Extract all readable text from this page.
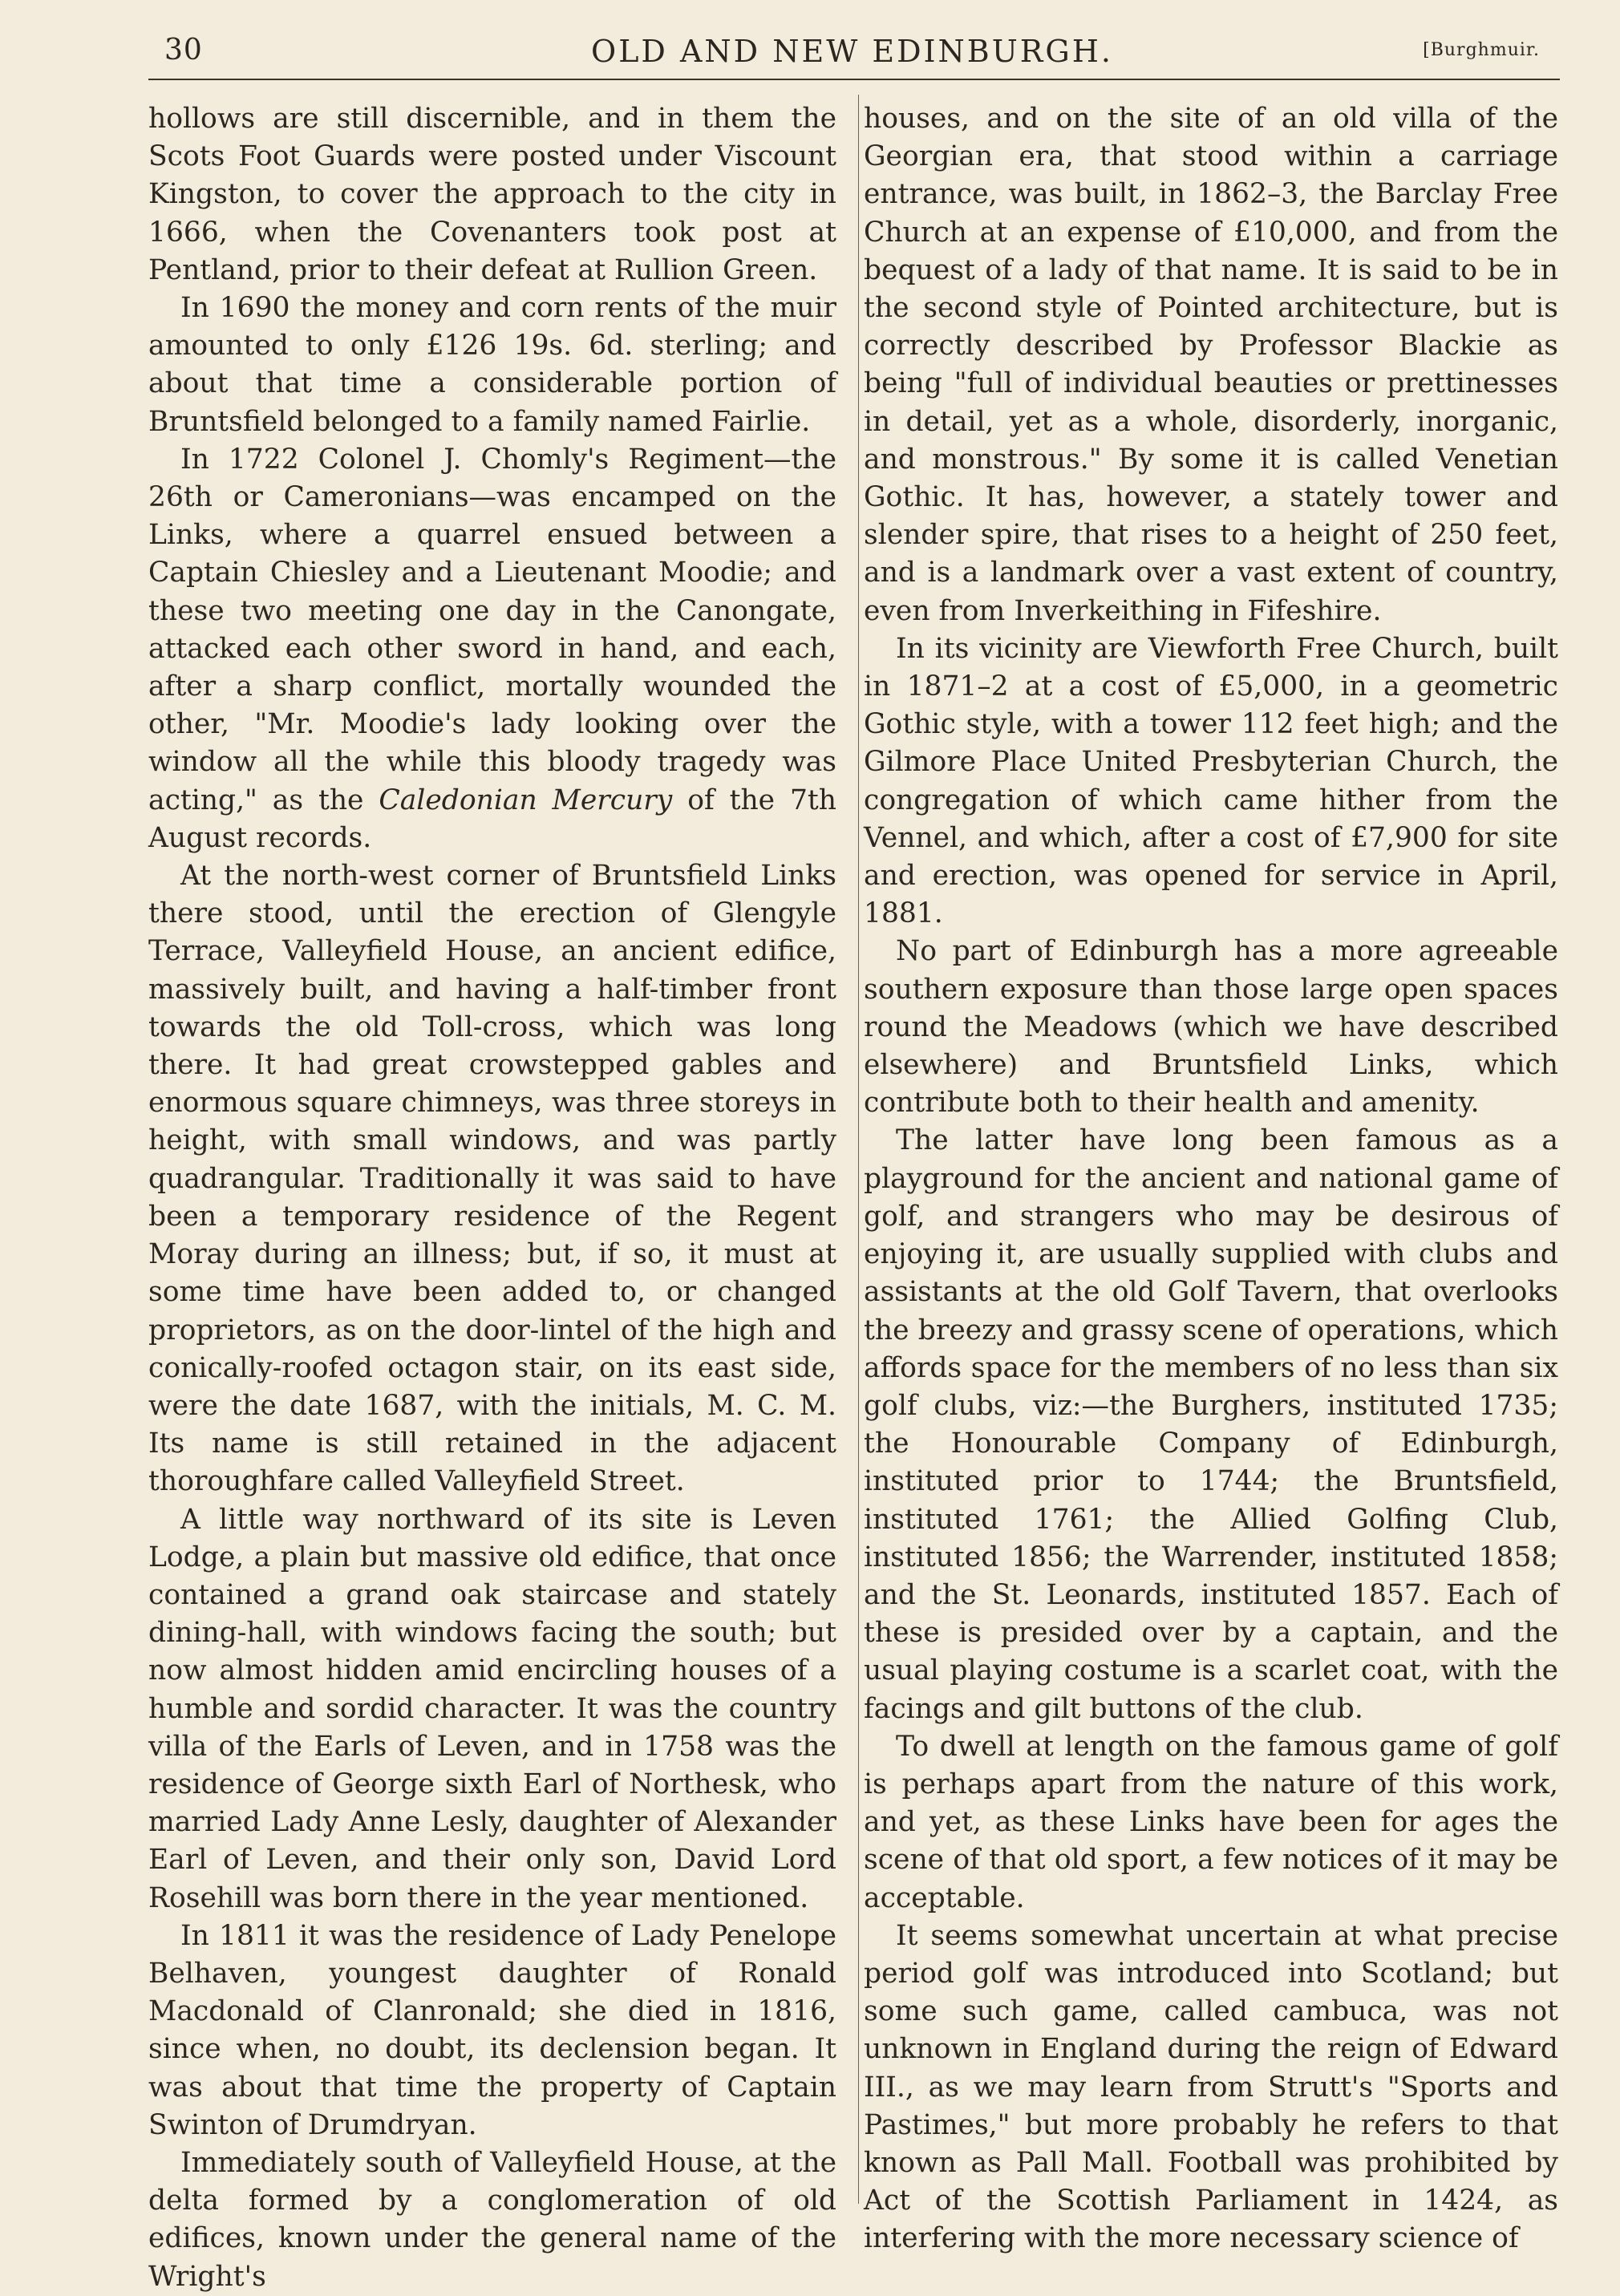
30	OLD AND NEW EDINBURGH.	[Burghmuir.

hollows are still discernible, and in them the Scots Foot Guards were posted under Viscount Kingston, to cover the approach to the city in 1666, when the Covenanters took post at Pentland, prior to their defeat at Rullion Green.

In 1690 the money and corn rents of the muir amounted to only £126 19s. 6d. sterling; and about that time a considerable portion of Bruntsfield belonged to a family named Fairlie.

In 1722 Colonel J. Chomly's Regiment—the 26th or Cameronians—was encamped on the Links, where a quarrel ensued between a Captain Chiesley and a Lieutenant Moodie; and these two meeting one day in the Canongate, attacked each other sword in hand, and each, after a sharp conflict, mortally wounded the other, "Mr. Moodie's lady looking over the window all the while this bloody tragedy was acting," as the Caledonian Mercury of the 7th August records.

At the north-west corner of Bruntsfield Links there stood, until the erection of Glengyle Terrace, Valleyfield House, an ancient edifice, massively built, and having a half-timber front towards the old Toll-cross, which was long there. It had great crowstepped gables and enormous square chimneys, was three storeys in height, with small windows, and was partly quadrangular. Traditionally it was said to have been a temporary residence of the Regent Moray during an illness; but, if so, it must at some time have been added to, or changed proprietors, as on the door-lintel of the high and conically-roofed octagon stair, on its east side, were the date 1687, with the initials, M. C. M. Its name is still retained in the adjacent thoroughfare called Valleyfield Street.

A little way northward of its site is Leven Lodge, a plain but massive old edifice, that once contained a grand oak staircase and stately dining-hall, with windows facing the south; but now almost hidden amid encircling houses of a humble and sordid character. It was the country villa of the Earls of Leven, and in 1758 was the residence of George sixth Earl of Northesk, who married Lady Anne Lesly, daughter of Alexander Earl of Leven, and their only son, David Lord Rosehill was born there in the year mentioned.

In 1811 it was the residence of Lady Penelope Belhaven, youngest daughter of Ronald Macdonald of Clanronald; she died in 1816, since when, no doubt, its declension began. It was about that time the property of Captain Swinton of Drumdryan.

Immediately south of Valleyfield House, at the delta formed by a conglomeration of old edifices, known under the general name of the Wright's

houses, and on the site of an old villa of the Georgian era, that stood within a carriage entrance, was built, in 1862–3, the Barclay Free Church at an expense of £10,000, and from the bequest of a lady of that name. It is said to be in the second style of Pointed architecture, but is correctly described by Professor Blackie as being "full of individual beauties or prettinesses in detail, yet as a whole, disorderly, inorganic, and monstrous." By some it is called Venetian Gothic. It has, however, a stately tower and slender spire, that rises to a height of 250 feet, and is a landmark over a vast extent of country, even from Inverkeithing in Fifeshire.

In its vicinity are Viewforth Free Church, built in 1871–2 at a cost of £5,000, in a geometric Gothic style, with a tower 112 feet high; and the Gilmore Place United Presbyterian Church, the congregation of which came hither from the Vennel, and which, after a cost of £7,900 for site and erection, was opened for service in April, 1881.

No part of Edinburgh has a more agreeable southern exposure than those large open spaces round the Meadows (which we have described elsewhere) and Bruntsfield Links, which contribute both to their health and amenity.

The latter have long been famous as a playground for the ancient and national game of golf, and strangers who may be desirous of enjoying it, are usually supplied with clubs and assistants at the old Golf Tavern, that overlooks the breezy and grassy scene of operations, which affords space for the members of no less than six golf clubs, viz:—the Burghers, instituted 1735; the Honourable Company of Edinburgh, instituted prior to 1744; the Bruntsfield, instituted 1761; the Allied Golfing Club, instituted 1856; the Warrender, instituted 1858; and the St. Leonards, instituted 1857. Each of these is presided over by a captain, and the usual playing costume is a scarlet coat, with the facings and gilt buttons of the club.

To dwell at length on the famous game of golf is perhaps apart from the nature of this work, and yet, as these Links have been for ages the scene of that old sport, a few notices of it may be acceptable.

It seems somewhat uncertain at what precise period golf was introduced into Scotland; but some such game, called cambuca, was not unknown in England during the reign of Edward III., as we may learn from Strutt's "Sports and Pastimes," but more probably he refers to that known as Pall Mall. Football was prohibited by Act of the Scottish Parliament in 1424, as interfering with the more necessary science of
